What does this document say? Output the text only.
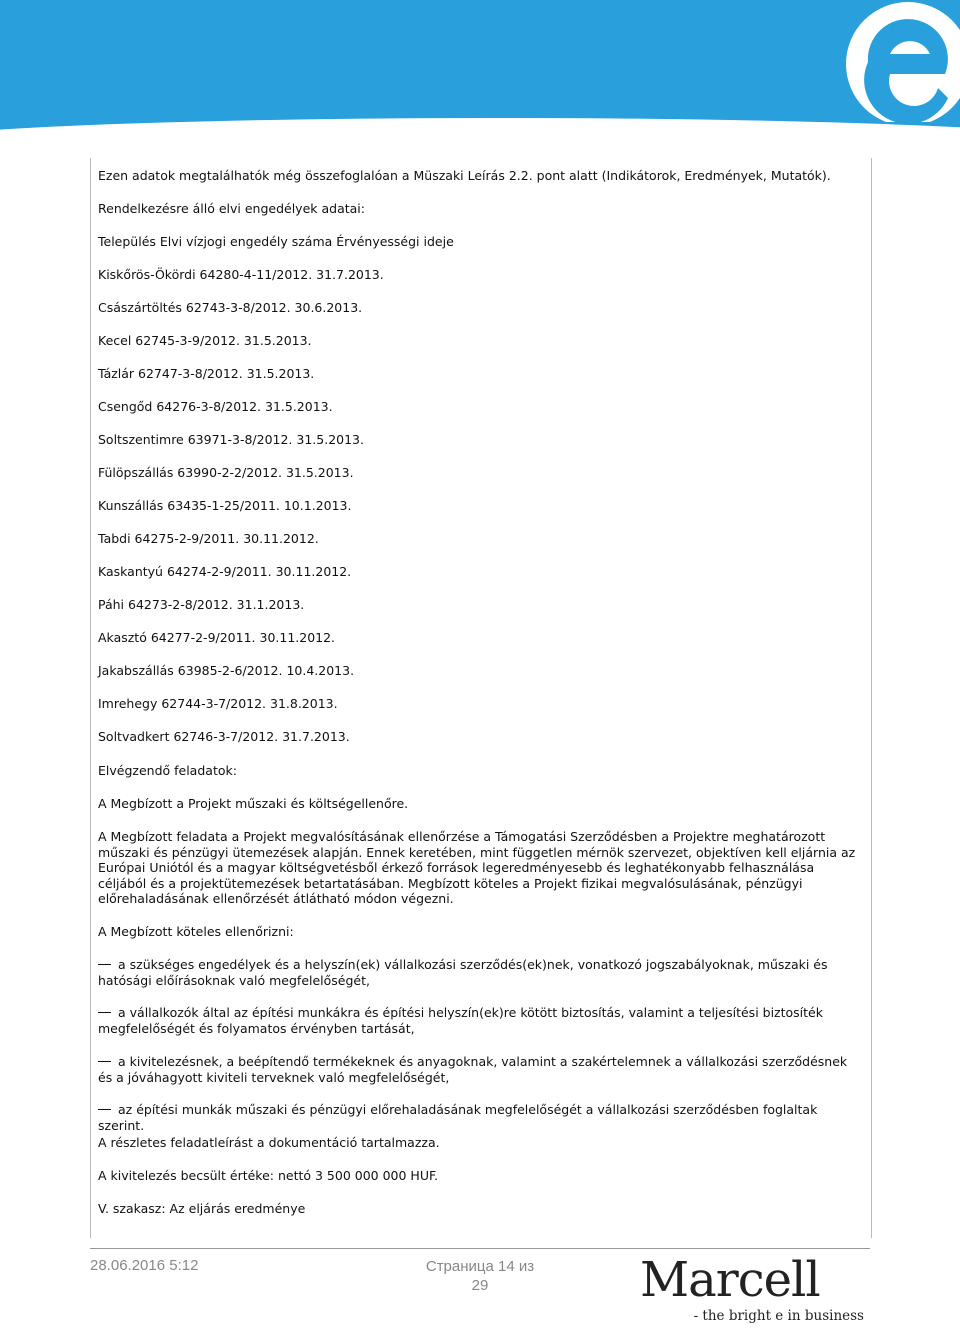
Ezen adatok megtalálhatók még összefoglalóan a Müszaki Leírás 2.2. pont alatt (Indikátorok, Eredmények, Mutatók).
Rendelkezésre álló elvi engedélyek adatai:
Település Elvi vízjogi engedély száma Érvényességi ideje
Kiskőrös-Ökördi 64280-4-11/2012. 31.7.2013.
Császártöltés 62743-3-8/2012. 30.6.2013.
Kecel 62745-3-9/2012. 31.5.2013.
Tázlár 62747-3-8/2012. 31.5.2013.
Csengőd 64276-3-8/2012. 31.5.2013.
Soltszentimre 63971-3-8/2012. 31.5.2013.
Fülöpszállás 63990-2-2/2012. 31.5.2013.
Kunszállás 63435-1-25/2011. 10.1.2013.
Tabdi 64275-2-9/2011. 30.11.2012.
Kaskantyú 64274-2-9/2011. 30.11.2012.
Páhi 64273-2-8/2012. 31.1.2013.
Akasztó 64277-2-9/2011. 30.11.2012.
Jakabszállás 63985-2-6/2012. 10.4.2013.
Imrehegy 62744-3-7/2012. 31.8.2013.
Soltvadkert 62746-3-7/2012. 31.7.2013.
Elvégzendő feladatok:
A Megbízott a Projekt műszaki és költségellenőre.
A Megbízott feladata a Projekt megvalósításának ellenőrzése a Támogatási Szerződésben a Projektre meghatározott műszaki és pénzügyi ütemezések alapján. Ennek keretében, mint független mérnök szervezet, objektíven kell eljárnia az Európai Uniótól és a magyar költségvetésből érkező források legeredményesebb és leghatékonyabb felhasználása céljából és a projektütemezések betartatásában. Megbízott köteles a Projekt fizikai megvalósulásának, pénzügyi előrehaladásának ellenőrzését átlátható módon végezni.
A Megbízott köteles ellenőrizni:
a szükséges engedélyek és a helyszín(ek) vállalkozási szerződés(ek)nek, vonatkozó jogszabályoknak, műszaki és hatósági előírásoknak való megfelelőségét,
a vállalkozók által az építési munkákra és építési helyszín(ek)re kötött biztosítás, valamint a teljesítési biztosíték megfelelőségét és folyamatos érvényben tartását,
a kivitelezésnek, a beépítendő termékeknek és anyagoknak, valamint a szakértelemnek a vállalkozási szerződésnek és a jóváhagyott kiviteli terveknek való megfelelőségét,
az építési munkák műszaki és pénzügyi előrehaladásának megfelelőségét a vállalkozási szerződésben foglaltak szerint.
A részletes feladatleírást a dokumentáció tartalmazza.
A kivitelezés becsült értéke: nettó 3 500 000 000 HUF.
V. szakasz: Az eljárás eredménye
28.06.2016 5:12	Страница 14 из
29	Marcell
- the bright e in business
